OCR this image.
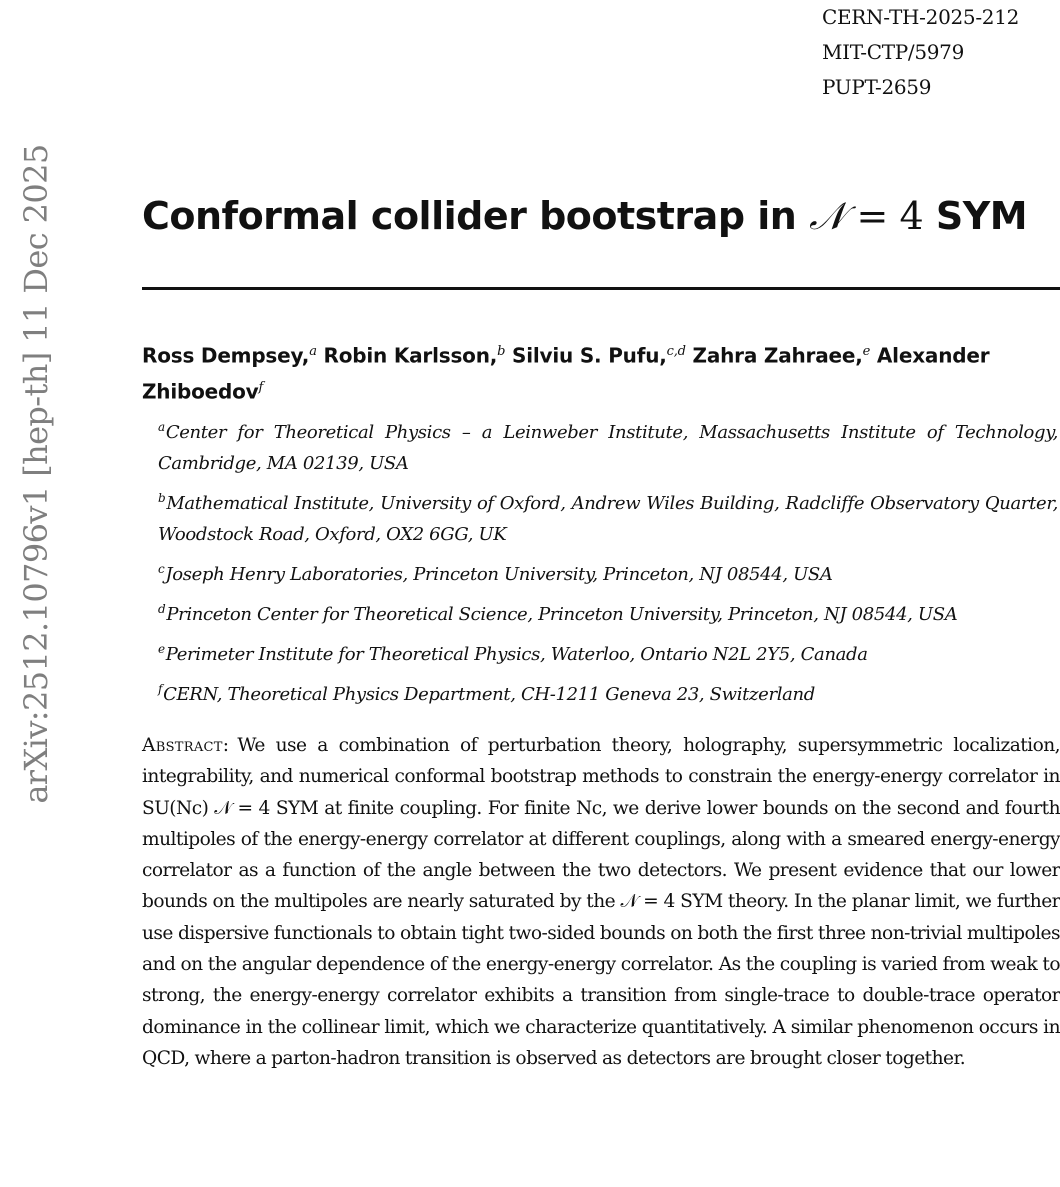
CERN-TH-2025-212
MIT-CTP/5979
PUPT-2659
arXiv:2512.10796v1 [hep-th] 11 Dec 2025 Conformal collider bootstrap in 𝒩 = 4 SYM
Ross Dempsey,$^a$ Robin Karlsson,$^b$ Silviu S. Pufu,$^{c,d}$ Zahra Zahraee,$^e$ Alexander Zhiboedov$^f$
$^a$Center for Theoretical Physics – a Leinweber Institute, Massachusetts Institute of Technology, Cambridge, MA 02139, USA
$^b$Mathematical Institute, University of Oxford, Andrew Wiles Building, Radcliffe Observatory Quarter, Woodstock Road, Oxford, OX2 6GG, UK
$^c$Joseph Henry Laboratories, Princeton University, Princeton, NJ 08544, USA
$^d$Princeton Center for Theoretical Science, Princeton University, Princeton, NJ 08544, USA
$^e$Perimeter Institute for Theoretical Physics, Waterloo, Ontario N2L 2Y5, Canada
$^f$CERN, Theoretical Physics Department, CH-1211 Geneva 23, Switzerland
Abstract: We use a combination of perturbation theory, holography, supersymmetric localization, integrability, and numerical conformal bootstrap methods to constrain the energy-energy correlator in SU(Nc) 𝒩 = 4 SYM at finite coupling. For finite Nc, we derive lower bounds on the second and fourth multipoles of the energy-energy correlator at different couplings, along with a smeared energy-energy correlator as a function of the angle between the two detectors. We present evidence that our lower bounds on the multipoles are nearly saturated by the 𝒩 = 4 SYM theory. In the planar limit, we further use dispersive functionals to obtain tight two-sided bounds on both the first three non-trivial multipoles and on the angular dependence of the energy-energy correlator. As the coupling is varied from weak to strong, the energy-energy correlator exhibits a transition from single-trace to double-trace operator dominance in the collinear limit, which we characterize quantitatively. A similar phenomenon occurs in QCD, where a parton-hadron transition is observed as detectors are brought closer together.
